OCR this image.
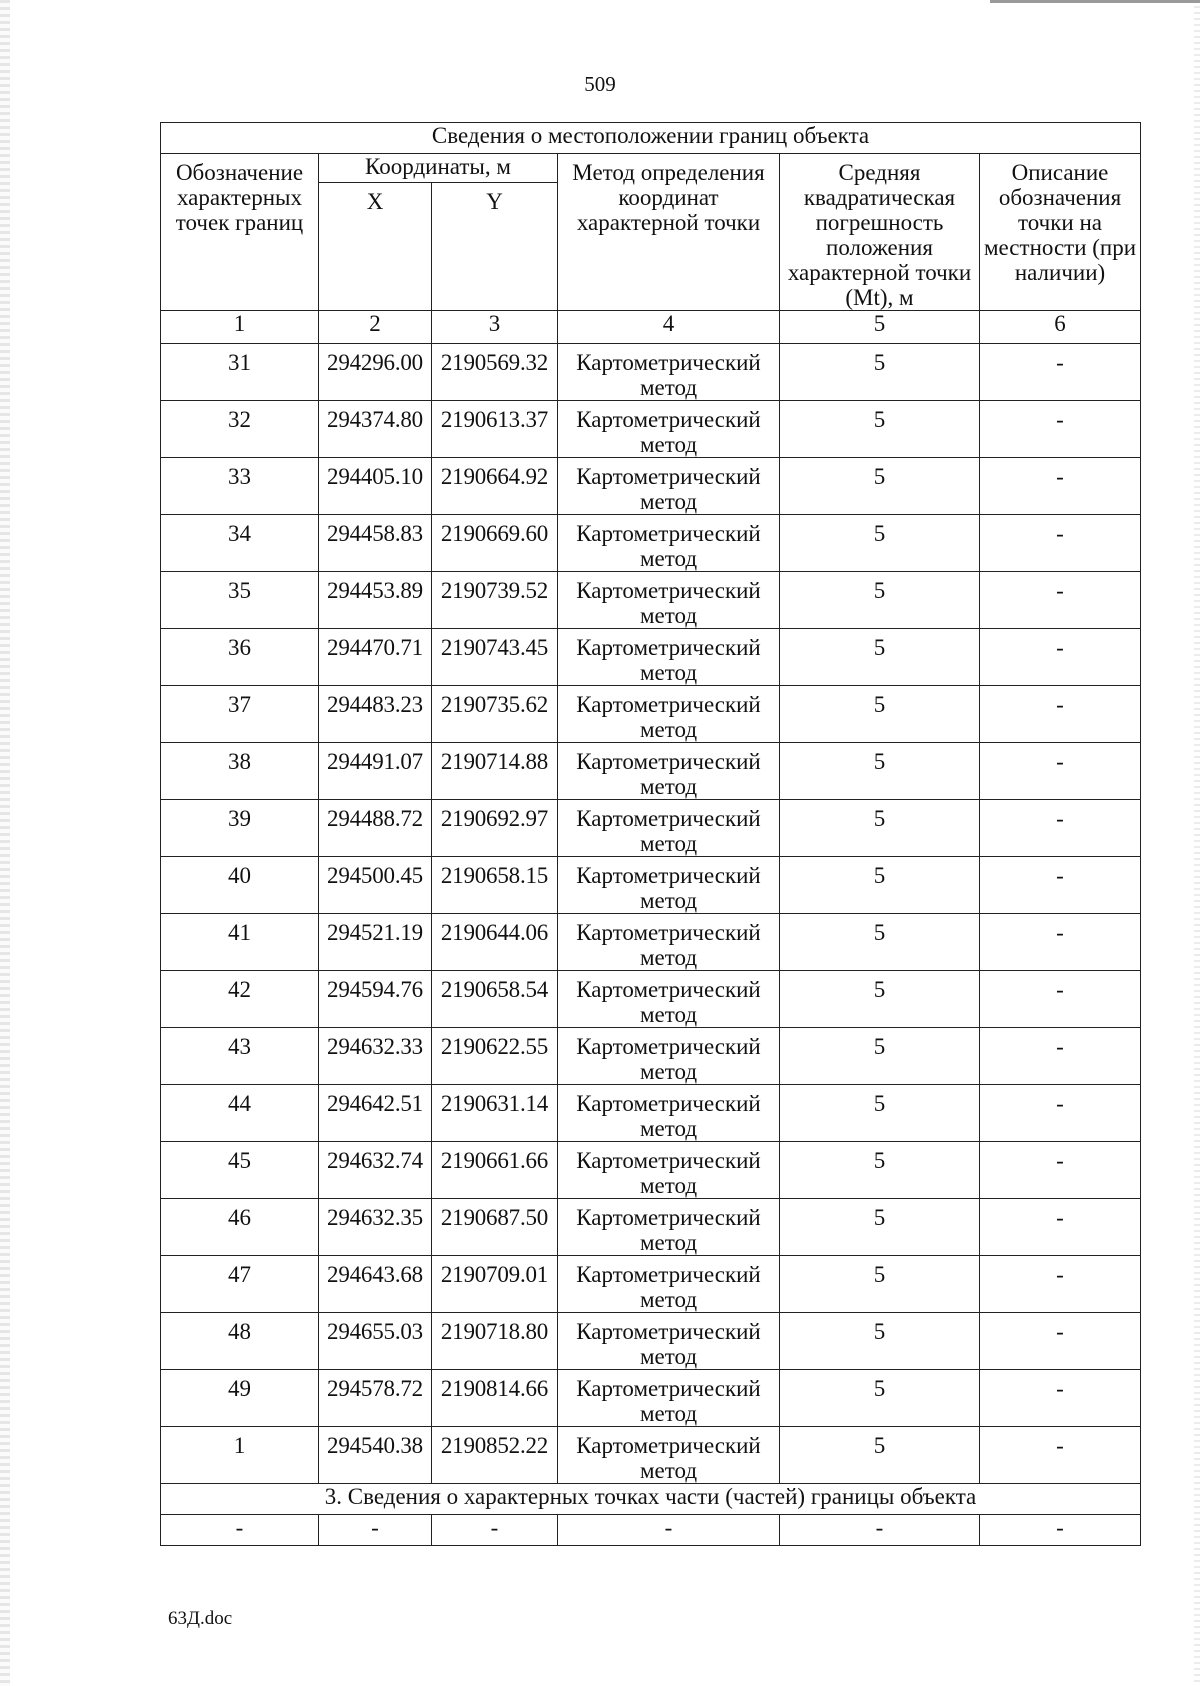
509
Сведения о местоположении границ объекта					

Обозначение характерных точек границ	Координаты, м		Метод определения координат характерной точки	Средняя квадратическая погрешность положения характерной точки (Mt), м	Описание обозначения точки на местности (при наличии)

	X	Y			

1	2	3	4	5	6

31	294296.00	2190569.32	Картометрический метод	5	-

32	294374.80	2190613.37	Картометрический метод	5	-

33	294405.10	2190664.92	Картометрический метод	5	-

34	294458.83	2190669.60	Картометрический метод	5	-

35	294453.89	2190739.52	Картометрический метод	5	-

36	294470.71	2190743.45	Картометрический метод	5	-

37	294483.23	2190735.62	Картометрический метод	5	-

38	294491.07	2190714.88	Картометрический метод	5	-

39	294488.72	2190692.97	Картометрический метод	5	-

40	294500.45	2190658.15	Картометрический метод	5	-

41	294521.19	2190644.06	Картометрический метод	5	-

42	294594.76	2190658.54	Картометрический метод	5	-

43	294632.33	2190622.55	Картометрический метод	5	-

44	294642.51	2190631.14	Картометрический метод	5	-

45	294632.74	2190661.66	Картометрический метод	5	-

46	294632.35	2190687.50	Картометрический метод	5	-

47	294643.68	2190709.01	Картометрический метод	5	-

48	294655.03	2190718.80	Картометрический метод	5	-

49	294578.72	2190814.66	Картометрический метод	5	-

1	294540.38	2190852.22	Картометрический метод	5	-

3. Сведения о характерных точках части (частей) границы объекта					
-	-	-	-	-	-
63Д.doc
